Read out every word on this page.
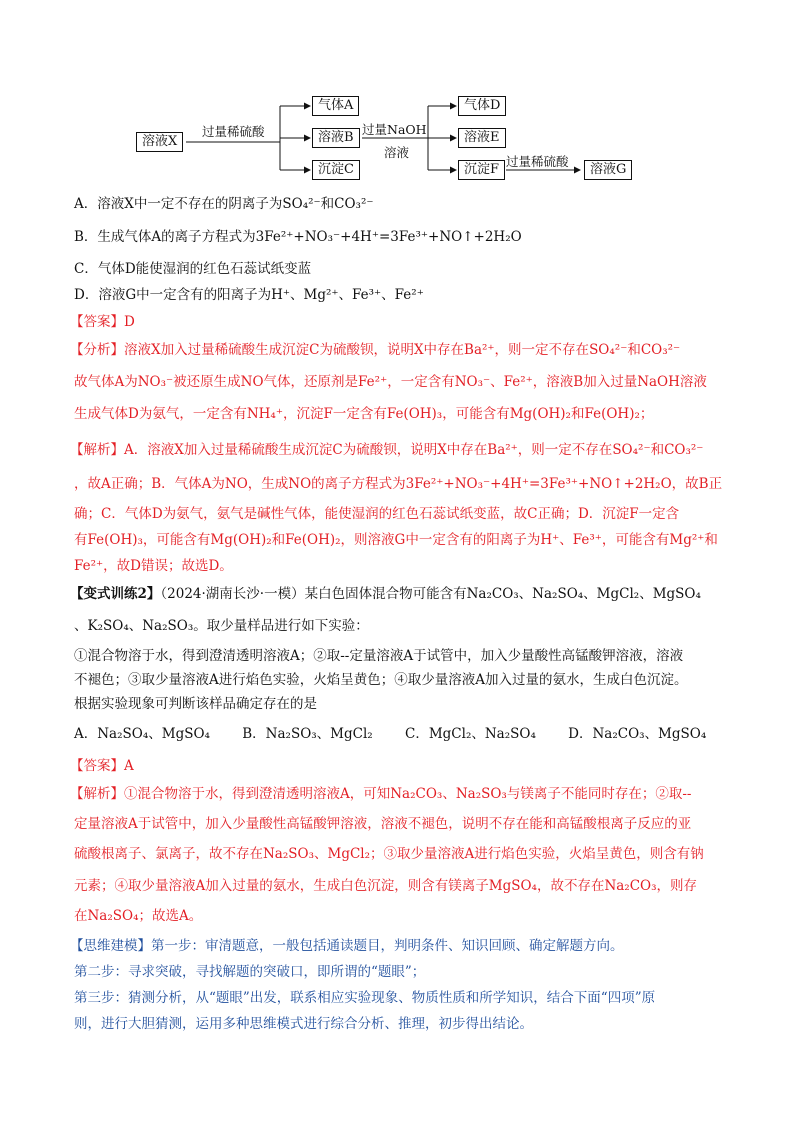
溶液X
过量稀硫酸
气体A
溶液B
沉淀C
过量NaOH
溶液
气体D
溶液E
沉淀F
过量稀硫酸
溶液G
A．溶液X中一定不存在的阴离子为SO₄²⁻和CO₃²⁻
B．生成气体A的离子方程式为3Fe²⁺+NO₃⁻+4H⁺=3Fe³⁺+NO↑+2H₂O
C．气体D能使湿润的红色石蕊试纸变蓝
D．溶液G中一定含有的阳离子为H⁺、Mg²⁺、Fe³⁺、Fe²⁺
【答案】D
【分析】溶液X加入过量稀硫酸生成沉淀C为硫酸钡，说明X中存在Ba²⁺，则一定不存在SO₄²⁻和CO₃²⁻
故气体A为NO₃⁻被还原生成NO气体，还原剂是Fe²⁺，一定含有NO₃⁻、Fe²⁺，溶液B加入过量NaOH溶液
生成气体D为氨气，一定含有NH₄⁺，沉淀F一定含有Fe(OH)₃，可能含有Mg(OH)₂和Fe(OH)₂；
【解析】A．溶液X加入过量稀硫酸生成沉淀C为硫酸钡，说明X中存在Ba²⁺，则一定不存在SO₄²⁻和CO₃²⁻
，故A正确；B．气体A为NO，生成NO的离子方程式为3Fe²⁺+NO₃⁻+4H⁺=3Fe³⁺+NO↑+2H₂O，故B正
确；C．气体D为氨气，氨气是碱性气体，能使湿润的红色石蕊试纸变蓝，故C正确；D．沉淀F一定含
有Fe(OH)₃，可能含有Mg(OH)₂和Fe(OH)₂，则溶液G中一定含有的阳离子为H⁺、Fe³⁺，可能含有Mg²⁺和
Fe²⁺，故D错误；故选D。
【变式训练2】（2024·湖南长沙·一模）某白色固体混合物可能含有Na₂CO₃、Na₂SO₄、MgCl₂、MgSO₄
、K₂SO₄、Na₂SO₃。取少量样品进行如下实验：
①混合物溶于水，得到澄清透明溶液A；②取--定量溶液A于试管中，加入少量酸性高锰酸钾溶液，溶液
不褪色；③取少量溶液A进行焰色实验，火焰呈黄色；④取少量溶液A加入过量的氨水，生成白色沉淀。
根据实验现象可判断该样品确定存在的是
A．Na₂SO₄、MgSO₄ B．Na₂SO₃、MgCl₂ C．MgCl₂、Na₂SO₄ D．Na₂CO₃、MgSO₄
【答案】A
【解析】①混合物溶于水，得到澄清透明溶液A，可知Na₂CO₃、Na₂SO₃与镁离子不能同时存在；②取--
定量溶液A于试管中，加入少量酸性高锰酸钾溶液，溶液不褪色，说明不存在能和高锰酸根离子反应的亚
硫酸根离子、氯离子，故不存在Na₂SO₃、MgCl₂；③取少量溶液A进行焰色实验，火焰呈黄色，则含有钠
元素；④取少量溶液A加入过量的氨水，生成白色沉淀，则含有镁离子MgSO₄，故不存在Na₂CO₃，则存
在Na₂SO₄；故选A。
【思维建模】第一步：审清题意，一般包括通读题目，判明条件、知识回顾、确定解题方向。
第二步：寻求突破，寻找解题的突破口，即所谓的“题眼”；
第三步：猜测分析，从“题眼”出发，联系相应实验现象、物质性质和所学知识，结合下面“四项”原
则，进行大胆猜测，运用多种思维模式进行综合分析、推理，初步得出结论。
